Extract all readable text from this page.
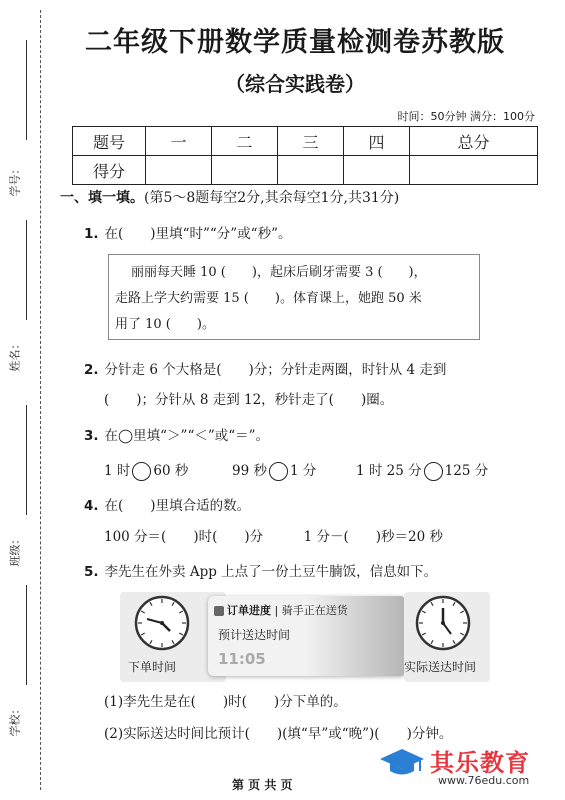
学号：
姓名：
班级：
学校：
二年级下册数学质量检测卷苏教版
（综合实践卷）
时间：50分钟 满分：100分
题号	一	二	三	四	总分
得分					
一、填一填。(第5～8题每空2分,其余每空1分,共31分)
1. 在(　　)里填“时”“分”或“秒”。
丽丽每天睡 10 (　　)，起床后刷牙需要 3 (　　)，
走路上学大约需要 15 (　　)。体育课上，她跑 50 米
用了 10 (　　)。
2. 分针走 6 个大格是(　　)分；分针走两圈，时针从 4 走到
(　　)；分针从 8 走到 12，秒针走了(　　)圈。
3. 在◯里填“＞”“＜”或“＝”。
1 时 60 秒	99 秒 1 分	1 时 25 分 125 分
4. 在(　　)里填合适的数。
100 分＝(　　)时(　　)分　　　1 分－(　　)秒＝20 秒
5. 李先生在外卖 App 上点了一份土豆牛腩饭，信息如下。
下单时间
订单进度 | 骑手正在送货
预计送达时间
11:05	实际送达时间
(1)李先生是在(　　)时(　　)分下单的。
(2)实际送达时间比预计(　　)(填“早”或“晚”)(　　)分钟。
第 页 共 页
其乐教育
www.76edu.com
